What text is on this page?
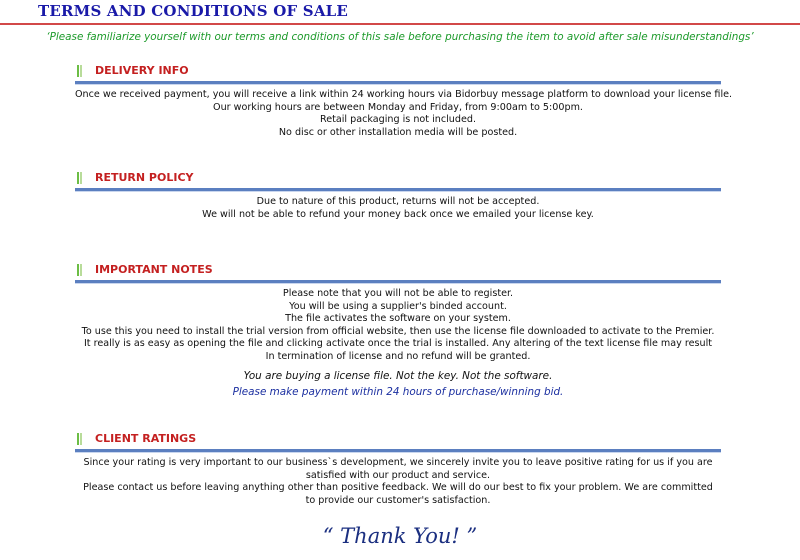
TERMS AND CONDITIONS OF SALE
‘Please familiarize yourself with our terms and conditions of this sale before purchasing the item to avoid after sale misunderstandings’
DELIVERY INFO
Once we received payment, you will receive a link within 24 working hours via Bidorbuy message platform to download your license file.
Our working hours are between Monday and Friday, from 9:00am to 5:00pm.
Retail packaging is not included.
No disc or other installation media will be posted.
RETURN POLICY
Due to nature of this product, returns will not be accepted.
We will not be able to refund your money back once we emailed your license key.
IMPORTANT NOTES
Please note that you will not be able to register.
You will be using a supplier's binded account.
The file activates the software on your system.
To use this you need to install the trial version from official website, then use the license file downloaded to activate to the Premier.
It really is as easy as opening the file and clicking activate once the trial is installed. Any altering of the text license file may result
In termination of license and no refund will be granted.
You are buying a license file. Not the key. Not the software.
Please make payment within 24 hours of purchase/winning bid.
CLIENT RATINGS
Since your rating is very important to our business`s development, we sincerely invite you to leave positive rating for us if you are
satisfied with our product and service.
Please contact us before leaving anything other than positive feedback. We will do our best to fix your problem. We are committed
to provide our customer's satisfaction.
“ Thank You! ”
